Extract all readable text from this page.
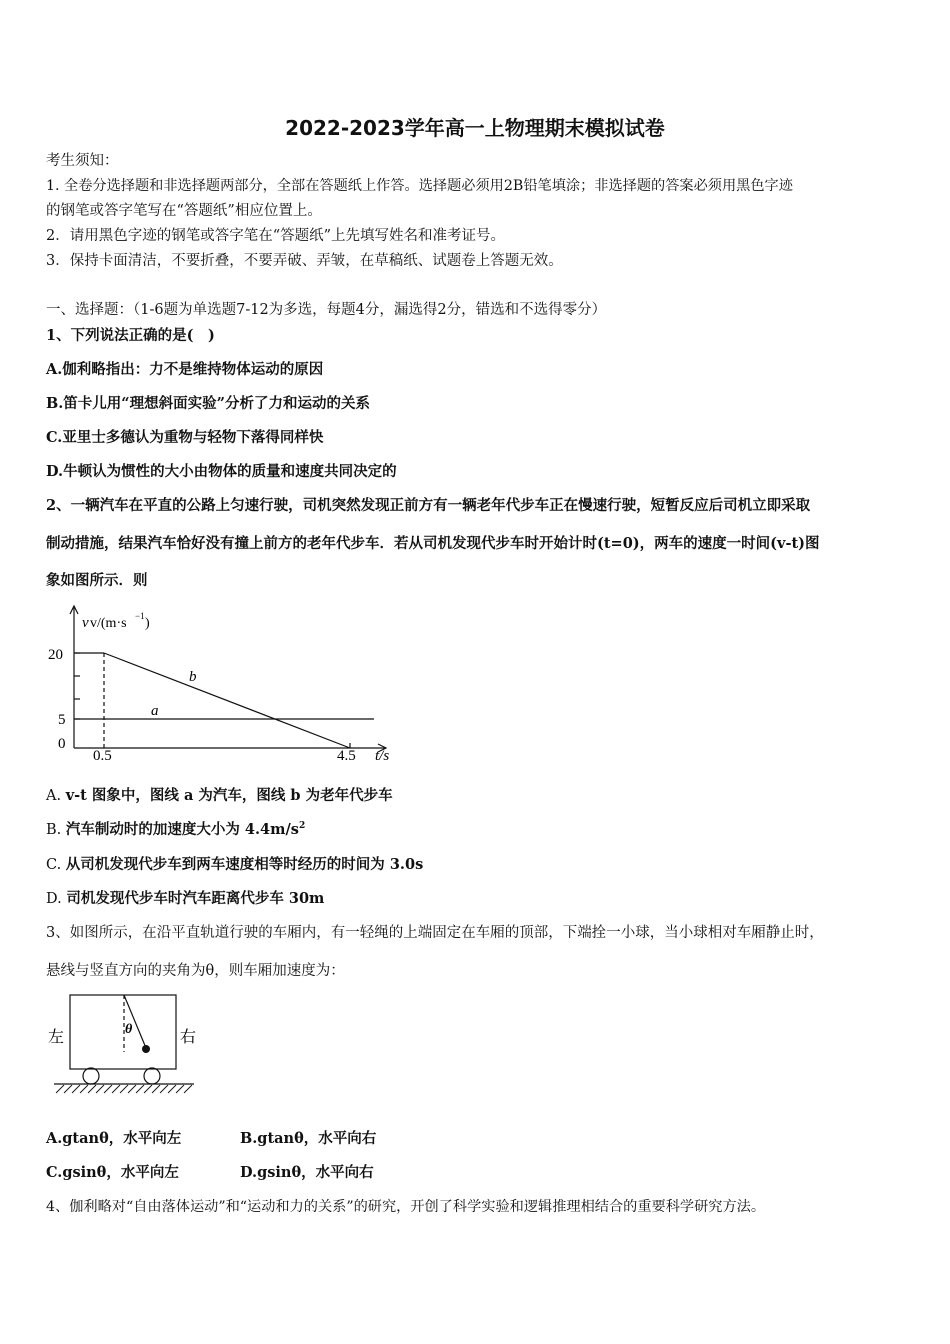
2022-2023学年高一上物理期末模拟试卷
考生须知：
1. 全卷分选择题和非选择题两部分，全部在答题纸上作答。选择题必须用2B铅笔填涂；非选择题的答案必须用黑色字迹
的钢笔或答字笔写在“答题纸”相应位置上。
2．请用黑色字迹的钢笔或答字笔在“答题纸”上先填写姓名和准考证号。
3．保持卡面清洁，不要折叠，不要弄破、弄皱，在草稿纸、试题卷上答题无效。
一、选择题：（1-6题为单选题7-12为多选，每题4分，漏选得2分，错选和不选得零分）
1、下列说法正确的是(　)
A.伽利略指出：力不是维持物体运动的原因
B.笛卡儿用“理想斜面实验”分析了力和运动的关系
C.亚里士多德认为重物与轻物下落得同样快
D.牛顿认为惯性的大小由物体的质量和速度共同决定的
2、一辆汽车在平直的公路上匀速行驶，司机突然发现正前方有一辆老年代步车正在慢速行驶，短暂反应后司机立即采取
制动措施，结果汽车恰好没有撞上前方的老年代步车．若从司机发现代步车时开始计时(t=0)，两车的速度一时间(v-t)图
象如图所示．则
v v/(m·s −1 )
20
5
0
0.5	4.5 t/s
b
a
A. v-t 图象中，图线 a 为汽车，图线 b 为老年代步车
B. 汽车制动时的加速度大小为 $4.4m/s^2$
C. 从司机发现代步车到两车速度相等时经历的时间为 3.0s
D. 司机发现代步车时汽车距离代步车 30m
3、如图所示，在沿平直轨道行驶的车厢内，有一轻绳的上端固定在车厢的顶部，下端拴一小球，当小球相对车厢静止时，
悬线与竖直方向的夹角为θ，则车厢加速度为：
左	右
θ
A.gtanθ，水平向左	B.gtanθ，水平向右
C.gsinθ，水平向左	D.gsinθ，水平向右
4、伽利略对“自由落体运动”和“运动和力的关系”的研究，开创了科学实验和逻辑推理相结合的重要科学研究方法。
